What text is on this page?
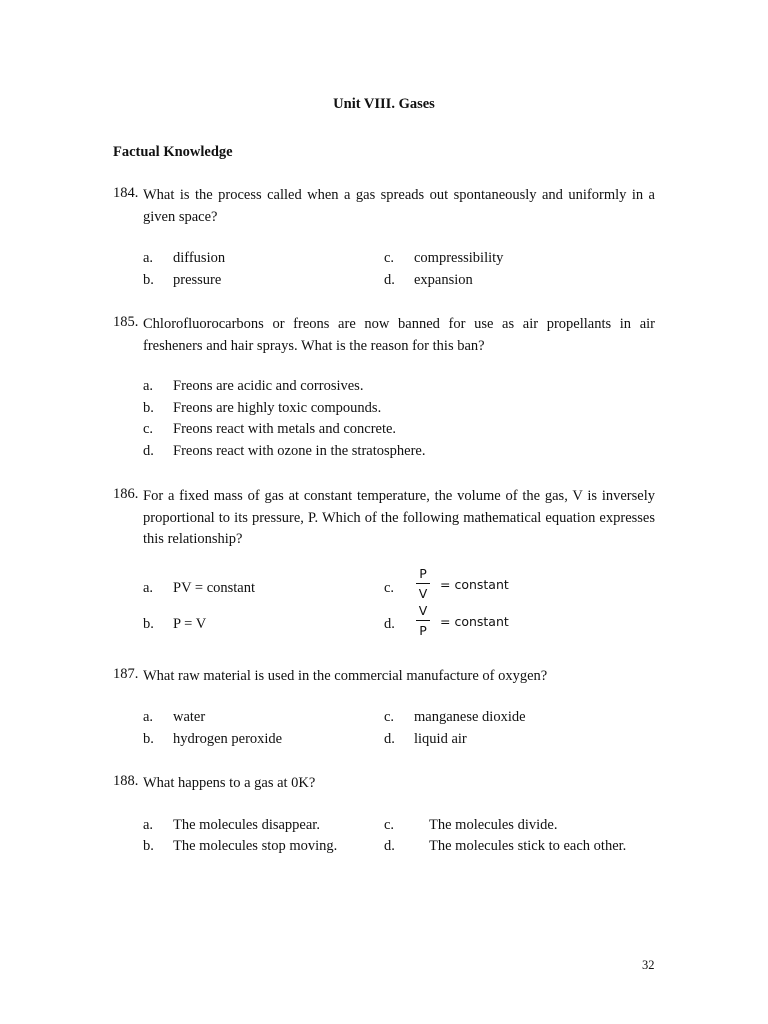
Unit VIII. Gases
Factual Knowledge
184. What is the process called when a gas spreads out spontaneously and uniformly in a given space?
a. diffusion
b. pressure
c. compressibility
d. expansion
185. Chlorofluorocarbons or freons are now banned for use as air propellants in air fresheners and hair sprays. What is the reason for this ban?
a. Freons are acidic and corrosives.
b. Freons are highly toxic compounds.
c. Freons react with metals and concrete.
d. Freons react with ozone in the stratosphere.
186. For a fixed mass of gas at constant temperature, the volume of the gas, V is inversely proportional to its pressure, P. Which of the following mathematical equation expresses this relationship?
a. PV = constant
b. P = V
c.
P
V
= constant
d.
V
P
= constant
187. What raw material is used in the commercial manufacture of oxygen?
a. water
b. hydrogen peroxide
c. manganese dioxide
d. liquid air
188. What happens to a gas at 0K?
a. The molecules disappear.
b. The molecules stop moving.
c. The molecules divide.
d. The molecules stick to each other.
32
